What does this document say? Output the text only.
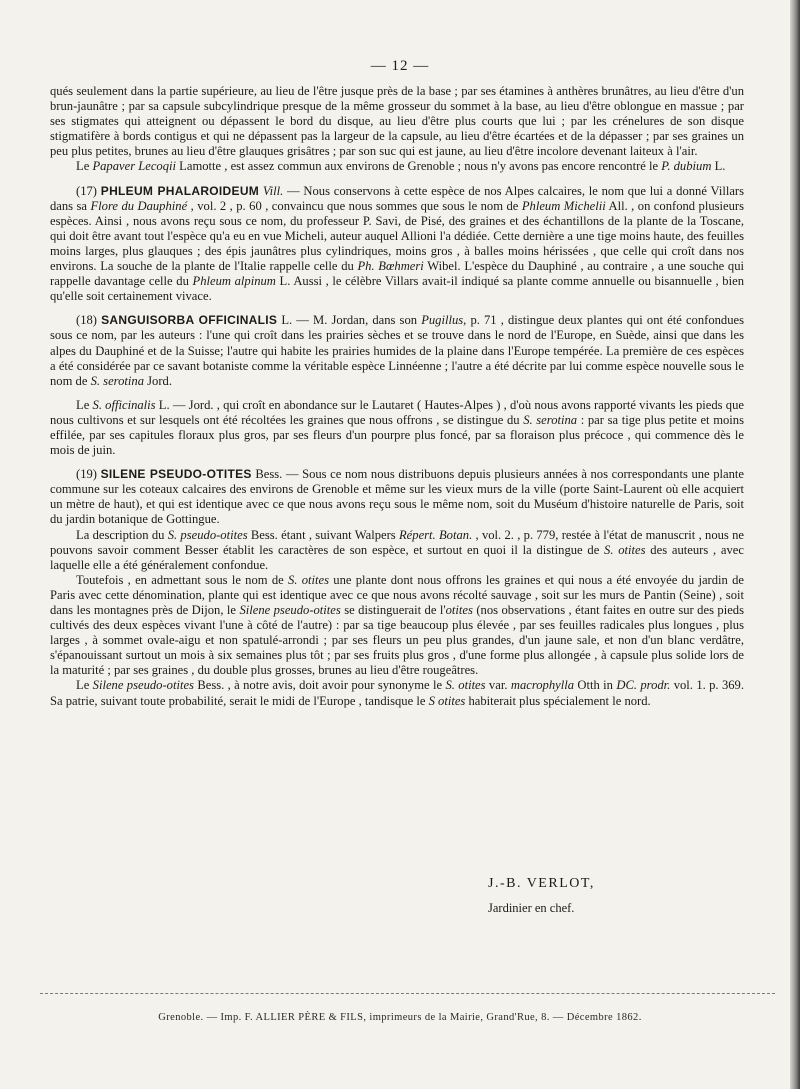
— 12 —

qués seulement dans la partie supérieure, au lieu de l'être jusque près de la base ; par ses étamines à anthères brunâtres, au lieu d'être d'un brun-jaunâtre ; par sa capsule subcylindrique presque de la même grosseur du sommet à la base, au lieu d'être oblongue en massue ; par ses stigmates qui atteignent ou dépassent le bord du disque, au lieu d'être plus courts que lui ; par les crénelures de son disque stigmatifère à bords contigus et qui ne dépassent pas la largeur de la capsule, au lieu d'être écartées et de la dépasser ; par ses graines un peu plus petites, brunes au lieu d'être glauques grisâtres ; par son suc qui est jaune, au lieu d'être incolore devenant laiteux à l'air.

Le Papaver Lecoqii Lamotte , est assez commun aux environs de Grenoble ; nous n'y avons pas encore rencontré le P. dubium L.

(17) PHLEUM PHALAROIDEUM Vill. — Nous conservons à cette espèce de nos Alpes calcaires, le nom que lui a donné Villars dans sa Flore du Dauphiné , vol. 2 , p. 60 , convaincu que nous sommes que sous le nom de Phleum Michelii All. , on confond plusieurs espèces. Ainsi , nous avons reçu sous ce nom, du professeur P. Savi, de Pisé, des graines et des échantillons de la plante de la Toscane, qui doit être avant tout l'espèce qu'a eu en vue Micheli, auteur auquel Allioni l'a dédiée. Cette dernière a une tige moins haute, des feuilles moins larges, plus glauques ; des épis jaunâtres plus cylindriques, moins gros , à balles moins hérissées , que celle qui croît dans nos environs. La souche de la plante de l'Italie rappelle celle du Ph. Bœhmeri Wibel. L'espèce du Dauphiné , au contraire , a une souche qui rappelle davantage celle du Phleum alpinum L. Aussi , le célèbre Villars avait-il indiqué sa plante comme annuelle ou bisannuelle , bien qu'elle soit certainement vivace.

(18) SANGUISORBA OFFICINALIS L. — M. Jordan, dans son Pugillus, p. 71 , distingue deux plantes qui ont été confondues sous ce nom, par les auteurs : l'une qui croît dans les prairies sèches et se trouve dans le nord de l'Europe, en Suède, ainsi que dans les alpes du Dauphiné et de la Suisse; l'autre qui habite les prairies humides de la plaine dans l'Europe tempérée. La première de ces espèces a été considérée par ce savant botaniste comme la véritable espèce Linnéenne ; l'autre a été décrite par lui comme espèce nouvelle sous le nom de S. serotina Jord.

Le S. officinalis L. — Jord. , qui croît en abondance sur le Lautaret ( Hautes-Alpes ) , d'où nous avons rapporté vivants les pieds que nous cultivons et sur lesquels ont été récoltées les graines que nous offrons , se distingue du S. serotina : par sa tige plus petite et moins effilée, par ses capitules floraux plus gros, par ses fleurs d'un pourpre plus foncé, par sa floraison plus précoce , qui commence dès le mois de juin.

(19) SILENE PSEUDO-OTITES Bess. — Sous ce nom nous distribuons depuis plusieurs années à nos correspondants une plante commune sur les coteaux calcaires des environs de Grenoble et même sur les vieux murs de la ville (porte Saint-Laurent où elle acquiert un mètre de haut), et qui est identique avec ce que nous avons reçu sous le même nom, soit du Muséum d'histoire naturelle de Paris, soit du jardin botanique de Gottingue.

La description du S. pseudo-otites Bess. étant , suivant Walpers Répert. Botan. , vol. 2. , p. 779, restée à l'état de manuscrit , nous ne pouvons savoir comment Besser établit les caractères de son espèce, et surtout en quoi il la distingue de S. otites des auteurs , avec laquelle elle a été généralement confondue.

Toutefois , en admettant sous le nom de S. otites une plante dont nous offrons les graines et qui nous a été envoyée du jardin de Paris avec cette dénomination, plante qui est identique avec ce que nous avons récolté sauvage , soit sur les murs de Pantin (Seine) , soit dans les montagnes près de Dijon, le Silene pseudo-otites se distinguerait de l'otites (nos observations , étant faites en outre sur des pieds cultivés des deux espèces vivant l'une à côté de l'autre) : par sa tige beaucoup plus élevée , par ses feuilles radicales plus longues , plus larges , à sommet ovale-aigu et non spatulé-arrondi ; par ses fleurs un peu plus grandes, d'un jaune sale, et non d'un blanc verdâtre, s'épanouissant surtout un mois à six semaines plus tôt ; par ses fruits plus gros , d'une forme plus allongée , à capsule plus solide lors de la maturité ; par ses graines , du double plus grosses, brunes au lieu d'être rougeâtres.

Le Silene pseudo-otites Bess. , à notre avis, doit avoir pour synonyme le S. otites var. macrophylla Otth in DC. prodr. vol. 1. p. 369. Sa patrie, suivant toute probabilité, serait le midi de l'Europe , tandisque le S otites habiterait plus spécialement le nord.

J.-B. VERLOT,
Jardinier en chef.
Grenoble. — Imp. F. ALLIER PÈRE & FILS, imprimeurs de la Mairie, Grand'Rue, 8. — Décembre 1862.
